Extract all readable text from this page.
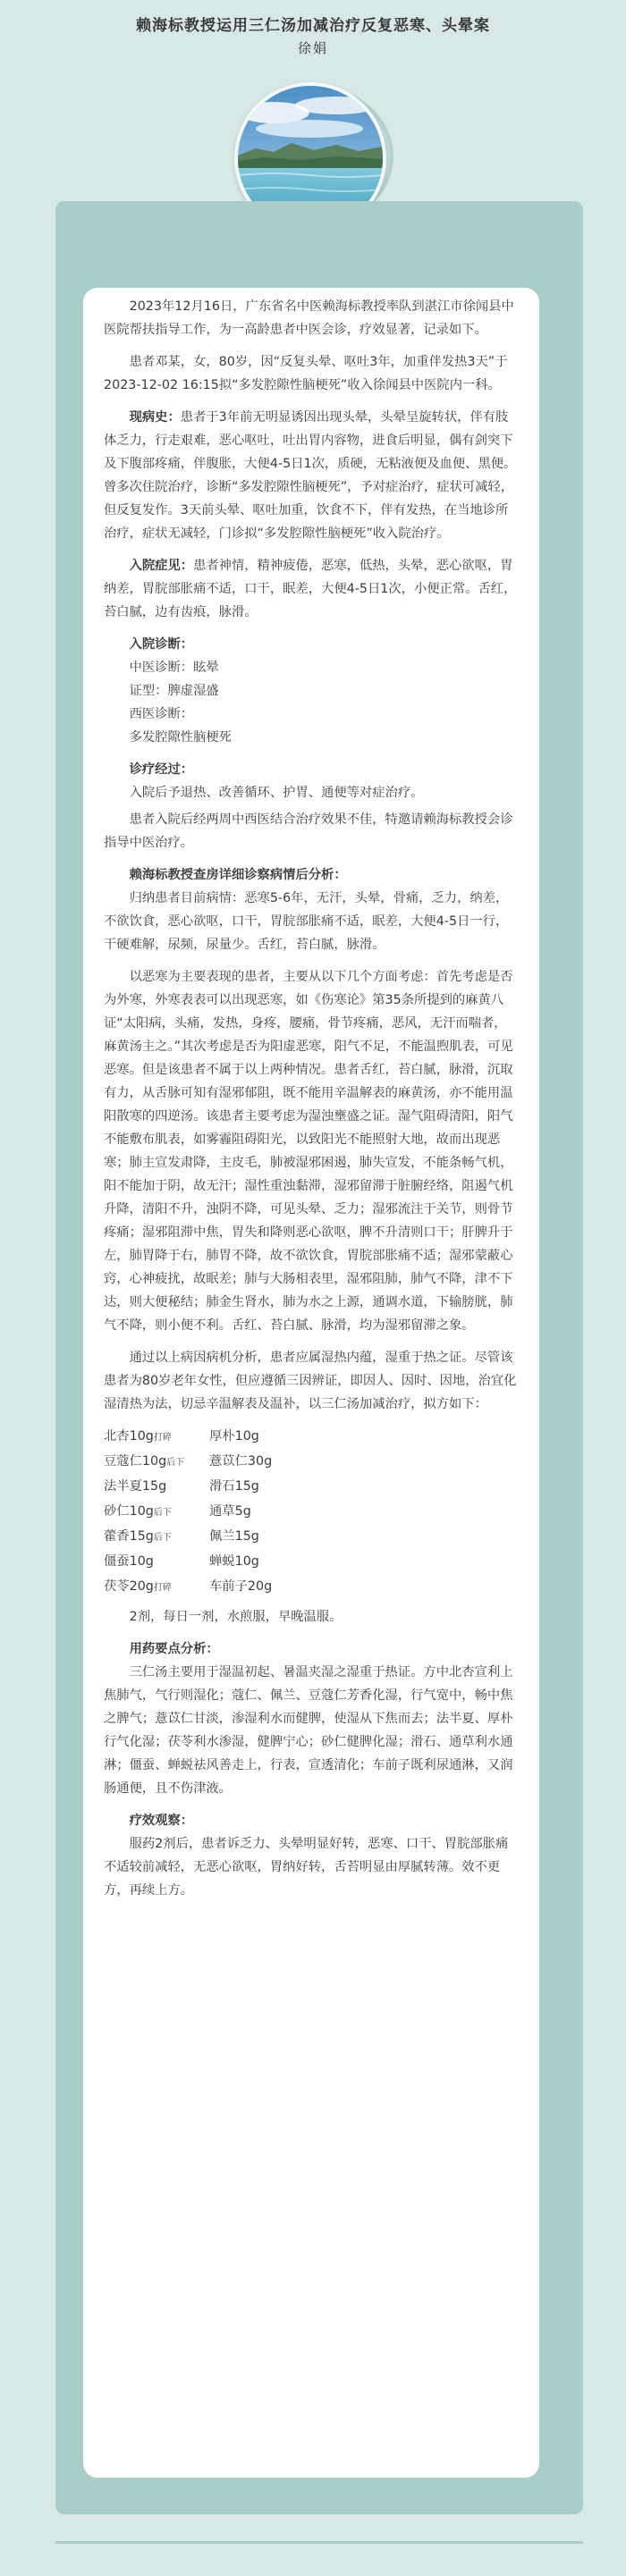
赖海标教授运用三仁汤加减治疗反复恶寒、头晕案
徐娟

2023年12月16日，广东省名中医赖海标教授率队到湛江市徐闻县中医院帮扶指导工作，为一高龄患者中医会诊，疗效显著，记录如下。

患者邓某，女，80岁，因“反复头晕、呕吐3年，加重伴发热3天”于2023-12-02 16:15拟“多发腔隙性脑梗死”收入徐闻县中医院内一科。

现病史：患者于3年前无明显诱因出现头晕，头晕呈旋转状，伴有肢体乏力，行走艰难，恶心呕吐，吐出胃内容物，进食后明显，偶有剑突下及下腹部疼痛，伴腹胀，大便4-5日1次，质硬，无粘液便及血便、黑便。曾多次住院治疗，诊断“多发腔隙性脑梗死”，予对症治疗，症状可减轻，但反复发作。3天前头晕、呕吐加重，饮食不下，伴有发热，在当地诊所治疗，症状无减轻，门诊拟“多发腔隙性脑梗死”收入院治疗。

入院症见：患者神情，精神疲倦，恶寒，低热，头晕，恶心欲呕，胃纳差，胃脘部胀痛不适，口干，眠差，大便4-5日1次，小便正常。舌红，苔白腻，边有齿痕，脉滑。

入院诊断：
中医诊断：眩晕
证型：脾虚湿盛
西医诊断：
多发腔隙性脑梗死
诊疗经过：

入院后予退热、改善循环、护胃、通便等对症治疗。

患者入院后经两周中西医结合治疗效果不佳，特邀请赖海标教授会诊指导中医治疗。

赖海标教授查房详细诊察病情后分析：

归纳患者目前病情：恶寒5-6年，无汗，头晕，骨痛，乏力，纳差，不欲饮食，恶心欲呕，口干，胃脘部胀痛不适，眠差，大便4-5日一行，干硬难解，尿频，尿量少。舌红，苔白腻，脉滑。

以恶寒为主要表现的患者，主要从以下几个方面考虑：首先考虑是否为外寒，外寒表表可以出现恶寒，如《伤寒论》第35条所提到的麻黄八证“太阳病，头痛，发热，身疼，腰痛，骨节疼痛，恶风，无汗而喘者，麻黄汤主之。”其次考虑是否为阳虚恶寒，阳气不足，不能温煦肌表，可见恶寒。但是该患者不属于以上两种情况。患者舌红，苔白腻，脉滑，沉取有力，从舌脉可知有湿邪郁阻，既不能用辛温解表的麻黄汤，亦不能用温阳散寒的四逆汤。该患者主要考虑为湿浊壅盛之证。湿气阻碍清阳，阳气不能敷布肌表，如雾霾阻碍阳光，以致阳光不能照射大地，故而出现恶寒；肺主宣发肃降，主皮毛，肺被湿邪困遏，肺失宣发，不能条畅气机，阳不能加于阴，故无汗；湿性重浊黏滞，湿邪留滞于脏腑经络，阻遏气机升降，清阳不升，浊阴不降，可见头晕、乏力；湿邪流注于关节，则骨节疼痛；湿邪阻滞中焦，胃失和降则恶心欲呕，脾不升清则口干；肝脾升于左，肺胃降于右，肺胃不降，故不欲饮食，胃脘部胀痛不适；湿邪蒙蔽心窍，心神疲扰，故眠差；肺与大肠相表里，湿邪阻肺，肺气不降，津不下达，则大便秘结；肺金生肾水，肺为水之上源，通调水道，下输膀胱，肺气不降，则小便不利。舌红、苔白腻、脉滑，均为湿邪留滞之象。

通过以上病因病机分析，患者应属湿热内蕴，湿重于热之证。尽管该患者为80岁老年女性，但应遵循三因辨证，即因人、因时、因地，治宜化湿清热为法，切忌辛温解表及温补，以三仁汤加减治疗，拟方如下：

北杏10g打碎	厚朴10g
豆蔻仁10g后下 薏苡仁30g
法半夏15g	滑石15g
砂仁10g后下	通草5g
藿香15g后下	佩兰15g
僵蚕10g	蝉蜕10g
茯苓20g打碎	车前子20g

2剂，每日一剂，水煎服，早晚温服。

用药要点分析：

三仁汤主要用于湿温初起、暑温夹湿之湿重于热证。方中北杏宣利上焦肺气，气行则湿化；蔻仁、佩兰、豆蔻仁芳香化湿，行气宽中，畅中焦之脾气；薏苡仁甘淡，渗湿利水而健脾，使湿从下焦而去；法半夏、厚朴行气化湿；茯苓利水渗湿，健脾宁心；砂仁健脾化湿；滑石、通草利水通淋；僵蚕、蝉蜕祛风善走上，行表，宣透清化；车前子既利尿通淋，又润肠通便，且不伤津液。

疗效观察：

服药2剂后，患者诉乏力、头晕明显好转，恶寒、口干、胃脘部胀痛不适较前减轻，无恶心欲呕，胃纳好转，舌苔明显由厚腻转薄。效不更方，再续上方。
